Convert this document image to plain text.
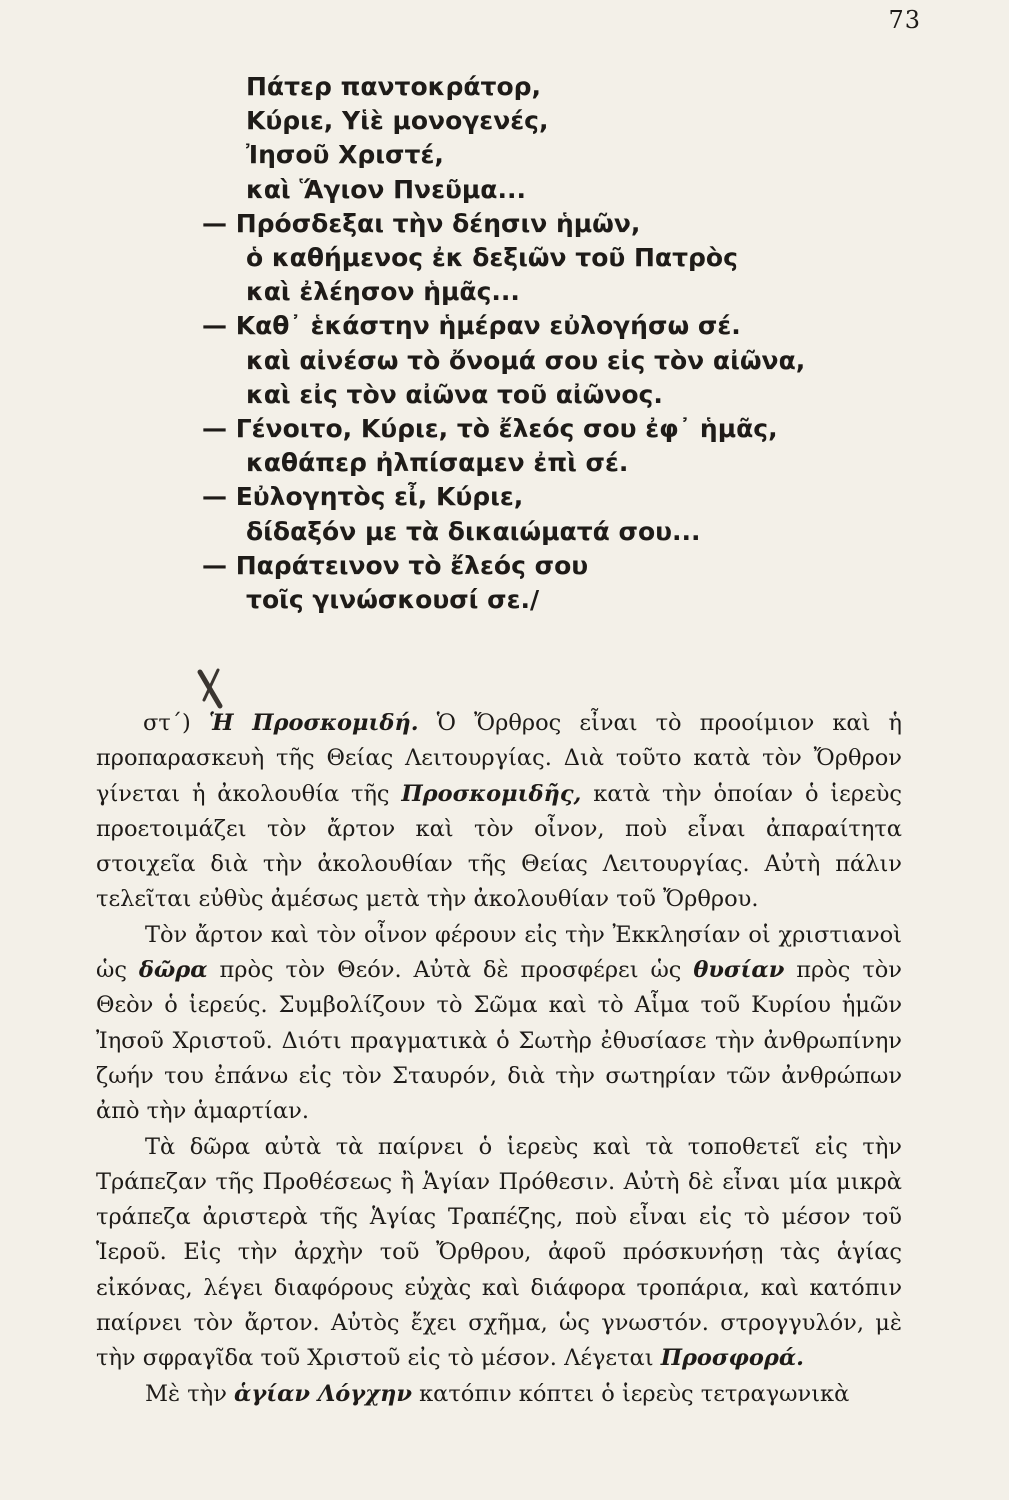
73
Πάτερ παντοκράτορ,
Κύριε, Υἱὲ μονογενές,
Ἰησοῦ Χριστέ,
καὶ Ἅγιον Πνεῦμα...
— Πρόσδεξαι τὴν δέησιν ἡμῶν,
ὁ καθήμενος ἐκ δεξιῶν τοῦ Πατρὸς
καὶ ἐλέησον ἡμᾶς...
— Καθ᾽ ἑκάστην ἡμέραν εὐλογήσω σέ.
καὶ αἰνέσω τὸ ὄνομά σου εἰς τὸν αἰῶνα,
καὶ εἰς τὸν αἰῶνα τοῦ αἰῶνος.
— Γένοιτο, Κύριε, τὸ ἔλεός σου ἐφ᾽ ἡμᾶς,
καθάπερ ἠλπίσαμεν ἐπὶ σέ.
— Εὐλογητὸς εἶ, Κύριε,
δίδαξόν με τὰ δικαιώματά σου...
— Παράτεινον τὸ ἔλεός σου
τοῖς γινώσκουσί σε./

στ΄) Ἡ Προσκομιδή. Ὁ Ὄρθρος εἶναι τὸ προοίμιον καὶ ἡ προπαρασκευὴ τῆς Θείας Λειτουργίας. Διὰ τοῦτο κατὰ τὸν Ὄρθρον γίνεται ἡ ἀκολουθία τῆς Προσκομιδῆς, κατὰ τὴν ὁποίαν ὁ ἱερεὺς προετοιμάζει τὸν ἄρτον καὶ τὸν οἶνον, ποὺ εἶναι ἀπαραίτητα στοιχεῖα διὰ τὴν ἀκολουθίαν τῆς Θείας Λειτουργίας. Αὐτὴ πάλιν τελεῖται εὐθὺς ἀμέσως μετὰ τὴν ἀκολουθίαν τοῦ Ὄρθρου.

Τὸν ἄρτον καὶ τὸν οἶνον φέρουν εἰς τὴν Ἐκκλησίαν οἱ χριστιανοὶ ὡς δῶρα πρὸς τὸν Θεόν. Αὐτὰ δὲ προσφέρει ὡς θυσίαν πρὸς τὸν Θεὸν ὁ ἱερεύς. Συμβολίζουν τὸ Σῶμα καὶ τὸ Αἷμα τοῦ Κυρίου ἡμῶν Ἰησοῦ Χριστοῦ. Διότι πραγματικὰ ὁ Σωτὴρ ἐθυσίασε τὴν ἀνθρωπίνην ζωήν του ἐπάνω εἰς τὸν Σταυρόν, διὰ τὴν σωτηρίαν τῶν ἀνθρώπων ἀπὸ τὴν ἁμαρτίαν.

Τὰ δῶρα αὐτὰ τὰ παίρνει ὁ ἱερεὺς καὶ τὰ τοποθετεῖ εἰς τὴν Τράπεζαν τῆς Προθέσεως ἢ Ἁγίαν Πρόθεσιν. Αὐτὴ δὲ εἶναι μία μικρὰ τράπεζα ἀριστερὰ τῆς Ἁγίας Τραπέζης, ποὺ εἶναι εἰς τὸ μέσον τοῦ Ἱεροῦ. Εἰς τὴν ἀρχὴν τοῦ Ὄρθρου, ἀφοῦ πρόσκυνήσῃ τὰς ἁγίας εἰκόνας, λέγει διαφόρους εὐχὰς καὶ διάφορα τροπάρια, καὶ κατόπιν παίρνει τὸν ἄρτον. Αὐτὸς ἔχει σχῆμα, ὡς γνωστόν. στρογγυλόν, μὲ τὴν σφραγῖδα τοῦ Χριστοῦ εἰς τὸ μέσον. Λέγεται Προσφορά.

Μὲ τὴν ἁγίαν Λόγχην κατόπιν κόπτει ὁ ἱερεὺς τετραγωνικὰ
